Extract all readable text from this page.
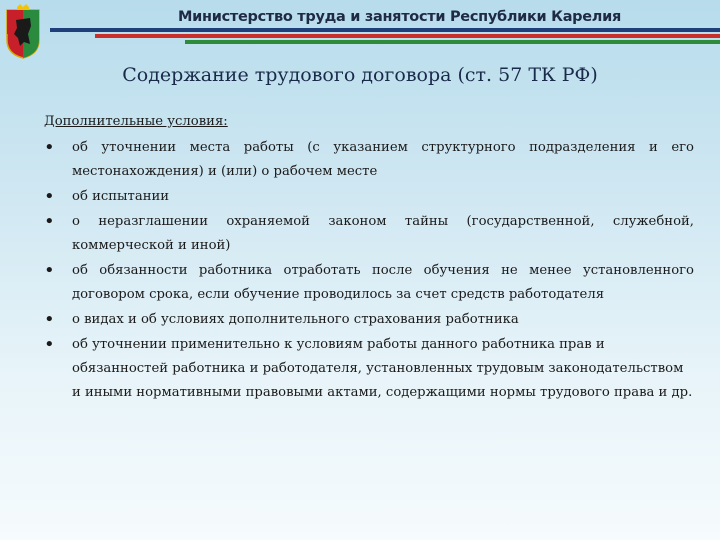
Министерство труда и занятости Республики Карелия
Содержание трудового договора (ст. 57 ТК РФ)
Дополнительные условия:
• об уточнении места работы (с указанием структурного подразделения и его местонахождения) и (или) о рабочем месте
• об испытании
• о неразглашении охраняемой законом тайны (государственной, служебной, коммерческой и иной)
• об обязанности работника отработать после обучения не менее установленного договором срока, если обучение проводилось за счет средств работодателя
• о видах и об условиях дополнительного страхования работника
• об уточнении применительно к условиям работы данного работника прав и обязанностей работника и работодателя, установленных трудовым законодательством и иными нормативными правовыми актами, содержащими нормы трудового права и др.
